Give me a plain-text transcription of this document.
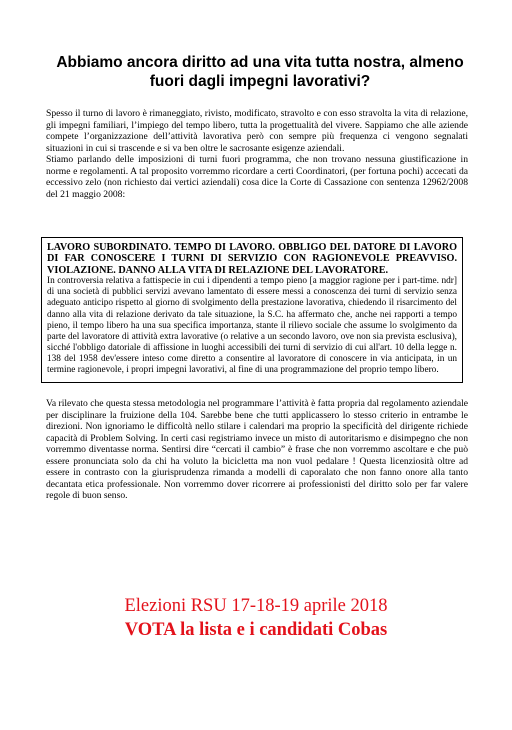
Abbiamo ancora diritto ad una vita tutta nostra, almeno fuori dagli impegni lavorativi?

Spesso il turno di lavoro è rimaneggiato, rivisto, modificato, stravolto e con esso stravolta la vita di relazione, gli impegni familiari, l’impiego del tempo libero, tutta la progettualità del vivere. Sappiamo che alle aziende compete l’organizzazione dell’attività lavorativa però con sempre più frequenza ci vengono segnalati situazioni in cui si trascende e si va ben oltre le sacrosante esigenze aziendali.

Stiamo parlando delle imposizioni di turni fuori programma, che non trovano nessuna giustificazione in norme e regolamenti. A tal proposito vorremmo ricordare a certi Coordinatori, (per fortuna pochi) accecati da eccessivo zelo (non richiesto dai vertici aziendali) cosa dice la Corte di Cassazione con sentenza 12962/2008 del 21 maggio 2008:

LAVORO SUBORDINATO. TEMPO DI LAVORO. OBBLIGO DEL DATORE DI LAVORO DI FAR CONOSCERE I TURNI DI SERVIZIO CON RAGIONEVOLE PREAVVISO. VIOLAZIONE. DANNO ALLA VITA DI RELAZIONE DEL LAVORATORE.

In controversia relativa a fattispecie in cui i dipendenti a tempo pieno [a maggior ragione per i part-time. ndr] di una società di pubblici servizi avevano lamentato di essere messi a conoscenza dei turni di servizio senza adeguato anticipo rispetto al giorno di svolgimento della prestazione lavorativa, chiedendo il risarcimento del danno alla vita di relazione derivato da tale situazione, la S.C. ha affermato che, anche nei rapporti a tempo pieno, il tempo libero ha una sua specifica importanza, stante il rilievo sociale che assume lo svolgimento da parte del lavoratore di attività extra lavorative (o relative a un secondo lavoro, ove non sia prevista esclusiva), sicché l'obbligo datoriale di affissione in luoghi accessibili dei turni di servizio di cui all'art. 10 della legge n. 138 del 1958 dev'essere inteso come diretto a consentire al lavoratore di conoscere in via anticipata, in un termine ragionevole, i propri impegni lavorativi, al fine di una programmazione del proprio tempo libero.

Va rilevato che questa stessa metodologia nel programmare l’attività è fatta propria dal regolamento aziendale per disciplinare la fruizione della 104. Sarebbe bene che tutti applicassero lo stesso criterio in entrambe le direzioni. Non ignoriamo le difficoltà nello stilare i calendari ma proprio la specificità del dirigente richiede capacità di Problem Solving. In certi casi registriamo invece un misto di autoritarismo e disimpegno che non vorremmo diventasse norma. Sentirsi dire “cercati il cambio” è frase che non vorremmo ascoltare e che può essere pronunciata solo da chi ha voluto la bicicletta ma non vuol pedalare ! Questa licenziosità oltre ad essere in contrasto con la giurisprudenza rimanda a modelli di caporalato che non fanno onore alla tanto decantata etica professionale. Non vorremmo dover ricorrere ai professionisti del diritto solo per far valere regole di buon senso.

Elezioni RSU 17-18-19 aprile 2018

VOTA la lista e i candidati Cobas
